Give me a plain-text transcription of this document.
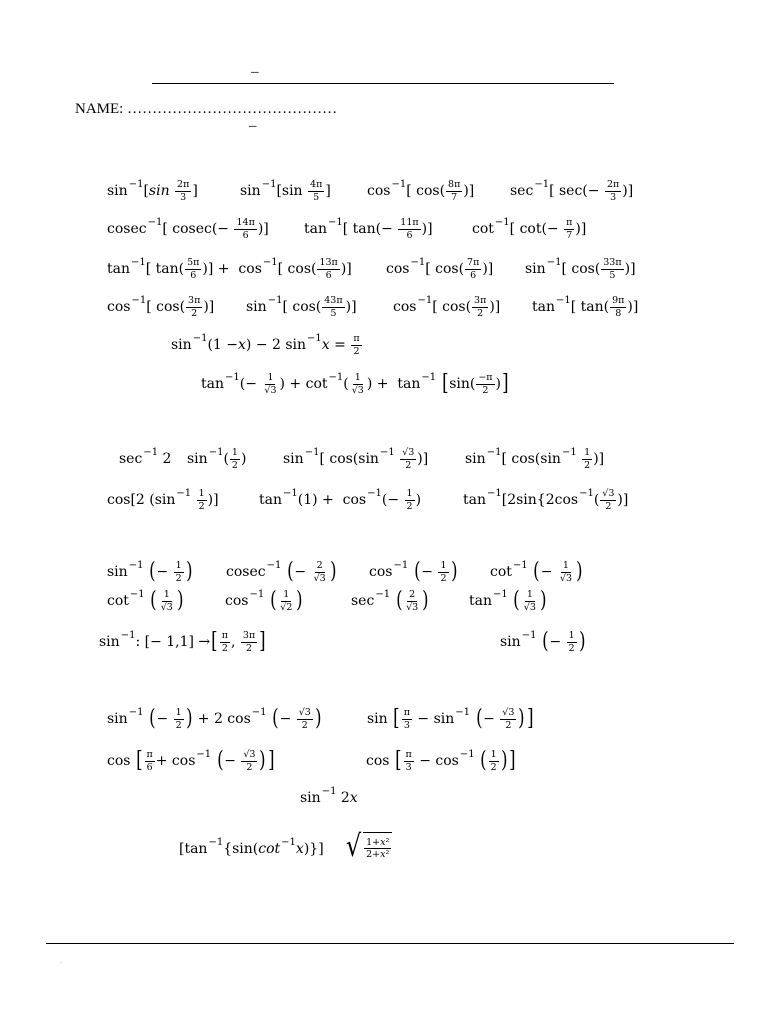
–
NAME: ……………………………………
–
sin −1 [ sin
2π
3 ]	sin −1 [sin 4π
5 ]	cos −1 [ cos( 8π
7 )]	sec −1 [ sec(− 2π
3 )]
cosec −1 [ cosec(− 14π
6 )]	tan −1 [ tan(− 11π
6 )]	cot −1 [ cot(− π
7 )]
tan −1 [ tan( 5π
6 )] +  cos −1 [ cos( 13π
6 )] cos −1 [ cos( 7π
6 )] sin −1 [ cos( 33π
5 )]
cos −1 [ cos( 3π
2 )] sin −1 [ cos( 43π
5 )]	cos −1 [ cos( 3π
2 )] tan −1 [ tan( 9π
8 )]
sin −1 (1 − x ) − 2 sin −1 x = π
2
tan −1 (− 1
√3 ) + cot −1 ( 1
√3 ) +  tan −1
[ sin( −π
2 ) ]
sec −1 2 sin −1 ( 1
2 )	sin −1 [ cos(sin −1
√3
2 )]	sin −1 [ cos(sin −1
1
2 )]
cos[2 (sin −1
1
2 )]	tan −1 (1) +  cos −1 (− 1
2 )	tan −1 [2sin{2cos −1 ( √3
2 )]
sin −1
( − 1
2 ) cosec −1
( − 2
√3 ) cos −1
( − 1
2 ) cot −1
( − 1
√3 )
cot −1
( 1
√3 )	cos −1
( 1
√2 )	sec −1
( 2
√3 )	tan −1
( 1
√3 )
sin −1 : [− 1,1] → [ π
2 , 3π
2 ]	sin −1
( − 1
2 )
sin −1
( − 1
2 ) + 2 cos −1
( − √3
2 )	sin [ π
3 − sin −1
( − √3
2 ) ]
cos [ π
6 + cos −1
( − √3
2 ) ]	cos [ π
3 − cos −1
( 1
2 ) ]
sin −1 2 x
[tan −1 {sin( cot −1 x )}] √ 1+x²
2+x²
.
